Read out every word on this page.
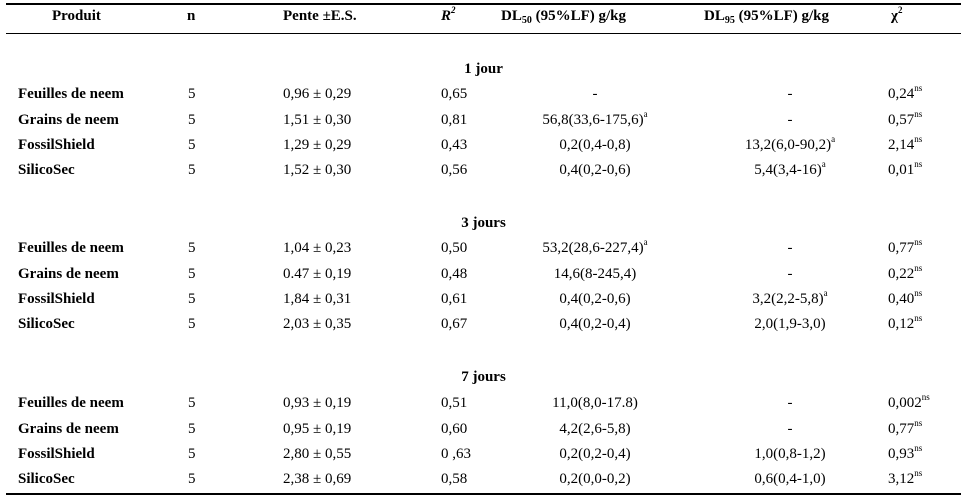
Produit	n	Pente ±E.S.	$R^2$	$DL_{50}$ (95%LF) g/kg	$DL_{95}$ (95%LF) g/kg	$\chi^2$
1 jour
Feuilles de neem	5	0,96 ± 0,29	0,65	-	-	$0,24^{ns}$
Grains de neem	5	1,51 ± 0,30	0,81	$56,8(33,6-175,6)^a$	-	$0,57^{ns}$
FossilShield	5	1,29 ± 0,29	0,43	0,2(0,4-0,8)	$13,2(6,0-90,2)^a$	$2,14^{ns}$
SilicoSec	5	1,52 ± 0,30	0,56	0,4(0,2-0,6)	$5,4(3,4-16)^a$	$0,01^{ns}$
3 jours
Feuilles de neem	5	1,04 ± 0,23	0,50	$53,2(28,6-227,4)^a$	-	$0,77^{ns}$
Grains de neem	5	0.47 ± 0,19	0,48	14,6(8-245,4)	-	$0,22^{ns}$
FossilShield	5	1,84 ± 0,31	0,61	0,4(0,2-0,6)	$3,2(2,2-5,8)^a$	$0,40^{ns}$
SilicoSec	5	2,03 ± 0,35	0,67	0,4(0,2-0,4)	2,0(1,9-3,0)	$0,12^{ns}$
7 jours
Feuilles de neem	5	0,93 ± 0,19	0,51	11,0(8,0-17.8)	-	$0,002^{ns}$
Grains de neem	5	0,95 ± 0,19	0,60	4,2(2,6-5,8)	-	$0,77^{ns}$
FossilShield	5	2,80 ± 0,55	0 ,63	0,2(0,2-0,4)	1,0(0,8-1,2)	$0,93^{ns}$
SilicoSec	5	2,38 ± 0,69	0,58	0,2(0,0-0,2)	0,6(0,4-1,0)	$3,12^{ns}$
